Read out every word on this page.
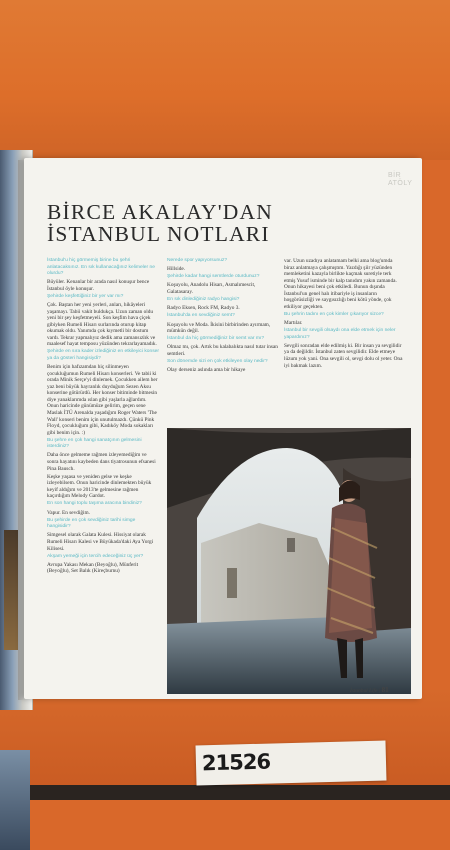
BİR
ATÖLY
BİRCE AKALAY'DAN
İSTANBUL NOTLARI

İstanbul'u hiç görmemiş birine bu şehri anlatacaksınız. En sık kullanacağınız kelimeler ne olurdu?

Büyüler. Kenanlar bir arada nasıl konuşur bence İstanbul öyle konuşur.

Şehirde keşfettiğiniz bir yer var mı?

Çok. Baştan her yeni yerleri, anları, hikâyeleri yaşamayı. Tabii vakit buldukça. Uzun zaman oldu yeni bir şey keşfetmeyeli. Son keşfim hava çiçek gibiyken Rumeli Hisarı surlarında oturup kitap okumak oldu. Yanımda çok kıymetli bir dostum vardı. Tekrar yapmalıyız dedik ama zamansızlık ve maalesef hayat temposu yüzünden tekrarlayamadık.

Şehirde en sıra kader izlediğiniz en etkileyici konser ya da gösteri hangisiydi?

Benim için hafızamdan hiç silinmeyen çocukluğumun Rumeli Hisarı konserleri. Ve tabii ki orada Minik Serçe'yi dinlemek. Çocukken ailem her yaz beni büyük hayranlık duyduğum Sezen Aksu konserine götürürdü. Her konser bitiminde bitmesin diye yanaklarımda ıslan gibi yaşlarla ağlardım. Onun haricinde günümüze gelirim, geçen sene Maslak İTÜ Arenalda yaşadığım Roger Waters 'The Wall' konseri benim için unutulmazdı. Çünkü Pink Floyd, çocukluğum gibi, Kadıköy Moda sokakları gibi benim için. :)

Bu şehre en çok hangi sanatçının gelmesini isterdiniz?

Daha önce gelmeme rağmen izleyemediğim ve sonra hayatını kaybeden dans tiyatrosunun efsanesi Pina Bausch.

Keşke yaşasa ve yeniden gelse ve keşke izleyebilsem. Onun haricinde dinlemekten büyük keyif aldığım ve 2013'te gelmesine rağmen kaçırdığım Melody Gardot.

En son hangi toplu taşıma aracına bindiniz?

Vapur. En sevdiğim.

Bu şehirde en çok sevdiğiniz tarihi simge hangisidir?

Simgesel olarak Galata Kulesi. Hissiyat olarak Rumeli Hisarı Kalesi ve Büyükada'daki Aya Yorgi Kilisesi.

Akşam yemeği için tercih edeceğiniz üç yer?

Avrupa Yakası Mekan (Beyoğlu), Münferit (Beyoğlu), Set Balık (Kireçburnu)

Nerede spor yapıyorsunuz?

Hillside.

Şehirde kadar hangi semtlerde oturdunuz?

Koşuyolu, Anadolu Hisarı, Asmalımescit, Galatasaray.

En sık dinlediğiniz radyo hangisi?

Radyo Eksen, Rock FM, Radyo 3.

İstanbul'da en sevdiğiniz semt?

Koşuyolu ve Moda. İkisini birbirinden ayırmam, mümkün değil.

İstanbul da hiç görmediğiniz bir semt var mı?

Olmaz mı, çok. Artık bu kalabalıkta nasıl tutar insan semtleri.

Son dönemde sizi en çok etkileyen olay nedir?

Olay derseniz aslında ama bir hikaye

var. Uzun uzadıya anlatamam belki ama blog'umda biraz anlatmaya çalışmıştım. Yazdığı şiir yüzünden memleketini kazayla birlikte kaçmak suretiyle terk etmiş Yusuf isminde bir kalp tanıdım yakın zamanda. Onun hikayesi beni çok etkiledi. Bunun dışında İstanbul'un genel halı itibariyle iş insanların hoşgörüsizliği ve saygısızlığı beni kötü yönde, çok etkiliyor geçekten.

Bu şehrin tadını en çok kimler çıkarıyor sizce?

Martılar.

İstanbul bir sevgili olsaydı ona elde etmek için neler yapardınız?

Sevgili sonradan elde edilmiş ki. Bir insan ya sevgilidir ya da değildir. İstanbul zaten sevgilidir. Elde etmeye lüzum yok yani. Ona sevgili ol, sevgi dolu ol yeter. Ona iyi bakmak lazım.

İstanbul Life | 81
21526
